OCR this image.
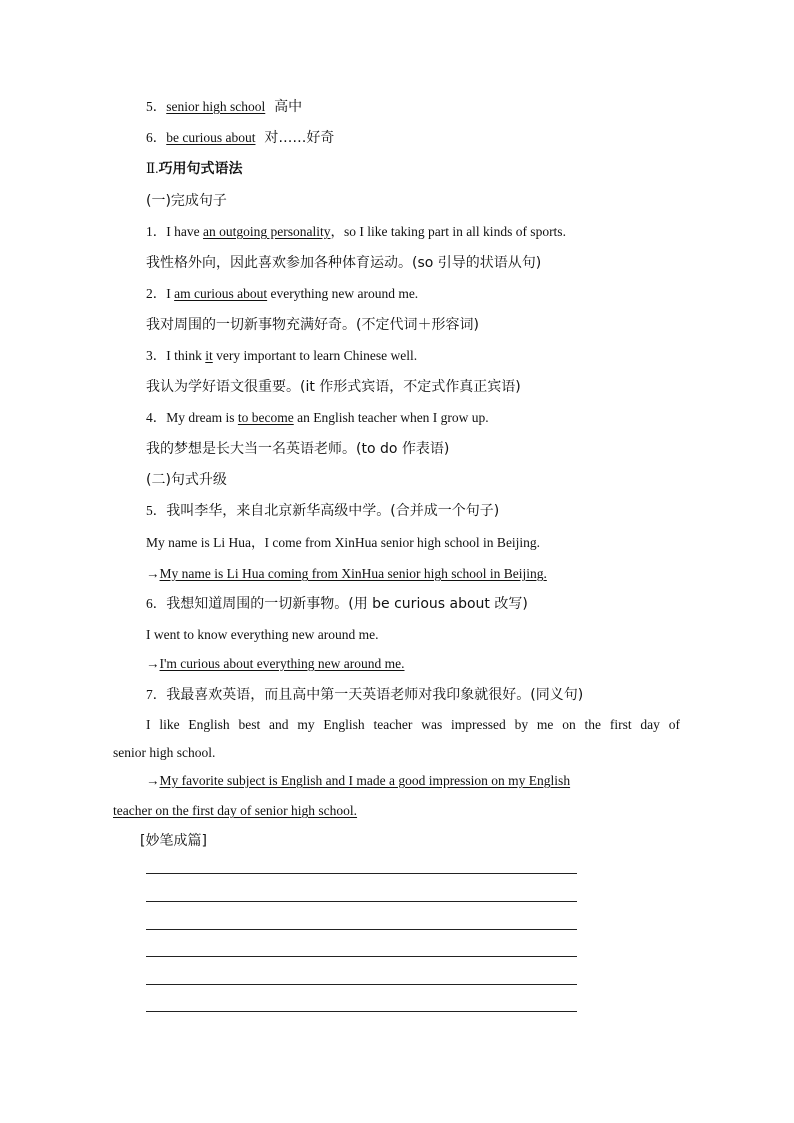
5．senior high school 高中
6．be curious about 对……好奇
Ⅱ.巧用句式语法
(一)完成句子
1．I have an outgoing personality，so I like taking part in all kinds of sports.
我性格外向，因此喜欢参加各种体育运动。(so 引导的状语从句)
2．I am curious about everything new around me.
我对周围的一切新事物充满好奇。(不定代词＋形容词)
3．I think it very important to learn Chinese well.
我认为学好语文很重要。(it 作形式宾语，不定式作真正宾语)
4．My dream is to become an English teacher when I grow up.
我的梦想是长大当一名英语老师。(to do 作表语)
(二)句式升级
5．我叫李华，来自北京新华高级中学。(合并成一个句子)
My name is Li Hua，I come from XinHua senior high school in Beijing.
→My name is Li Hua coming from XinHua senior high school in Beijing.
6．我想知道周围的一切新事物。(用 be curious about 改写)
I went to know everything new around me.
→I'm curious about everything new around me.
7．我最喜欢英语，而且高中第一天英语老师对我印象就很好。(同义句)
I like English best and my English teacher was impressed by me on the first day of
senior high school.
→My favorite subject is English and I made a good impression on my English
teacher on the first day of senior high school.
[妙笔成篇]
